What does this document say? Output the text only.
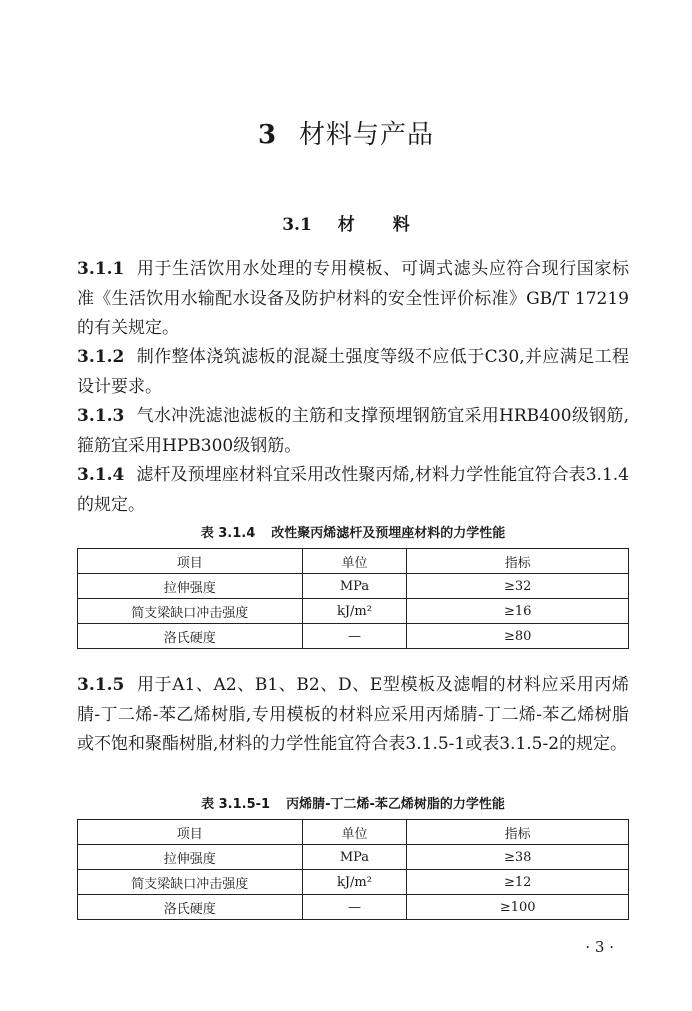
3 材料与产品
3.1 材 料
3.1.1 用于生活饮用水处理的专用模板、可调式滤头应符合现行国家标准《生活饮用水输配水设备及防护材料的安全性评价标准》GB/T 17219的有关规定。
3.1.2 制作整体浇筑滤板的混凝土强度等级不应低于C30,并应满足工程设计要求。
3.1.3 气水冲洗滤池滤板的主筋和支撑预埋钢筋宜采用HRB400级钢筋,箍筋宜采用HPB300级钢筋。
3.1.4 滤杆及预埋座材料宜采用改性聚丙烯,材料力学性能宜符合表3.1.4的规定。
表 3.1.4 改性聚丙烯滤杆及预埋座材料的力学性能
项目	单位	指标
拉伸强度	MPa	≥32
简支梁缺口冲击强度	kJ/m²	≥16
洛氏硬度	—	≥80
3.1.5 用于A1、A2、B1、B2、D、E型模板及滤帽的材料应采用丙烯腈-丁二烯-苯乙烯树脂,专用模板的材料应采用丙烯腈-丁二烯-苯乙烯树脂或不饱和聚酯树脂,材料的力学性能宜符合表3.1.5-1或表3.1.5-2的规定。
表 3.1.5-1 丙烯腈-丁二烯-苯乙烯树脂的力学性能
项目	单位	指标
拉伸强度	MPa	≥38
简支梁缺口冲击强度	kJ/m²	≥12
洛氏硬度	—	≥100
· 3 ·
